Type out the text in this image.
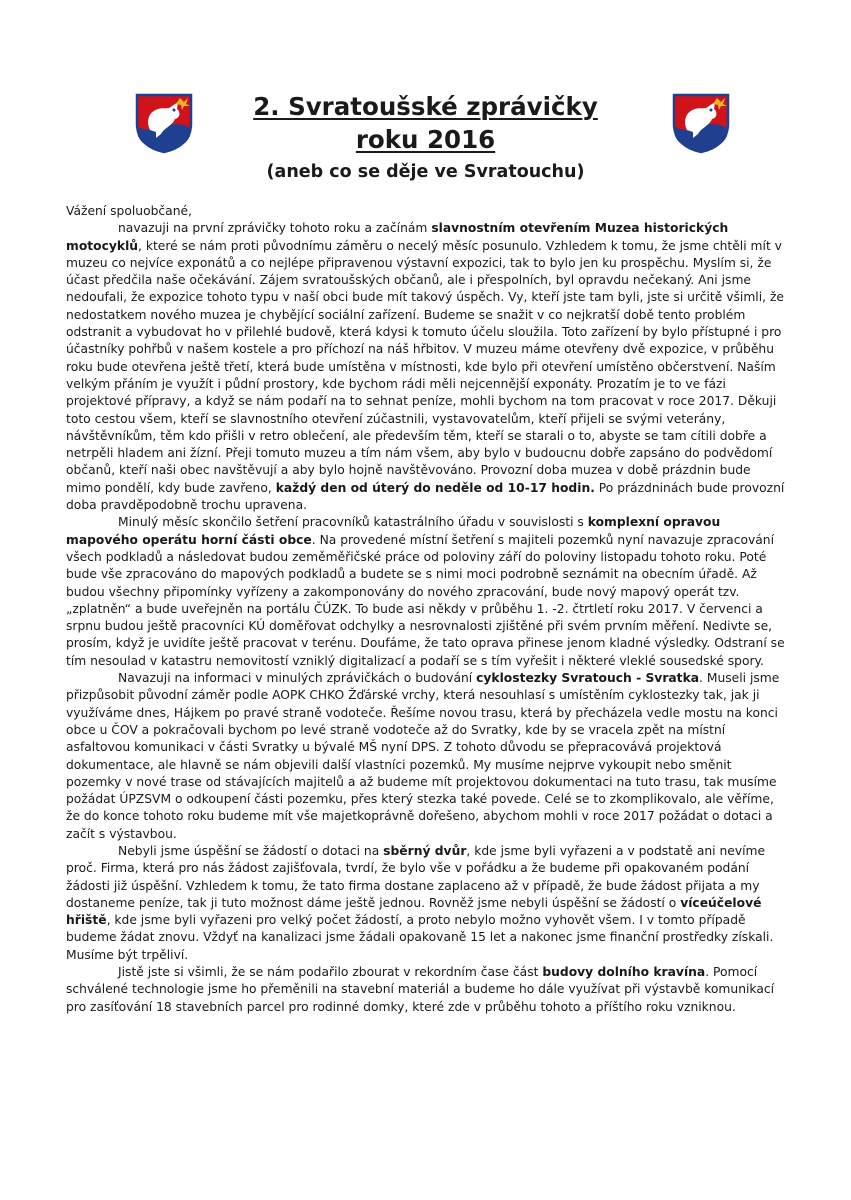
2. Svratoušské zprávičky
roku 2016
(aneb co se děje ve Svratouchu)

Vážení spoluobčané,

navazuji na první zprávičky tohoto roku a začínám slavnostním otevřením Muzea historických motocyklů, které se nám proti původnímu záměru o necelý měsíc posunulo. Vzhledem k tomu, že jsme chtěli mít v muzeu co nejvíce exponátů a co nejlépe připravenou výstavní expozici, tak to bylo jen ku prospěchu. Myslím si, že účast předčila naše očekávání. Zájem svratoušských občanů, ale i přespolních, byl opravdu nečekaný. Ani jsme nedoufali, že expozice tohoto typu v naší obci bude mít takový úspěch. Vy, kteří jste tam byli, jste si určitě všimli, že nedostatkem nového muzea je chybějící sociální zařízení. Budeme se snažit v co nejkratší době tento problém odstranit a vybudovat ho v přilehlé budově, která kdysi k tomuto účelu sloužila. Toto zařízení by bylo přístupné i pro účastníky pohřbů v našem kostele a pro příchozí na náš hřbitov. V muzeu máme otevřeny dvě expozice, v průběhu roku bude otevřena ještě třetí, která bude umístěna v místnosti, kde bylo při otevření umístěno občerstvení. Naším velkým přáním je využít i půdní prostory, kde bychom rádi měli nejcennější exponáty. Prozatím je to ve fázi projektové přípravy, a když se nám podaří na to sehnat peníze, mohli bychom na tom pracovat v roce 2017. Děkuji toto cestou všem, kteří se slavnostního otevření zúčastnili, vystavovatelům, kteří přijeli se svými veterány, návštěvníkům, těm kdo přišli v retro oblečení, ale především těm, kteří se starali o to, abyste se tam cítili dobře a netrpěli hladem ani žízní. Přeji tomuto muzeu a tím nám všem, aby bylo v budoucnu dobře zapsáno do podvědomí občanů, kteří naši obec navštěvují a aby bylo hojně navštěvováno. Provozní doba muzea v době prázdnin bude mimo pondělí, kdy bude zavřeno, každý den od úterý do neděle od 10-17 hodin. Po prázdninách bude provozní doba pravděpodobně trochu upravena.

Minulý měsíc skončilo šetření pracovníků katastrálního úřadu v souvislosti s komplexní opravou mapového operátu horní části obce. Na provedené místní šetření s majiteli pozemků nyní navazuje zpracování všech podkladů a následovat budou zeměměřičské práce od poloviny září do poloviny listopadu tohoto roku. Poté bude vše zpracováno do mapových podkladů a budete se s nimi moci podrobně seznámit na obecním úřadě. Až budou všechny připomínky vyřízeny a zakomponovány do nového zpracování, bude nový mapový operát tzv. „zplatněn“ a bude uveřejněn na portálu ČÚZK. To bude asi někdy v průběhu 1. -2. čtrtletí roku 2017. V červenci a srpnu budou ještě pracovníci KÚ doměřovat odchylky a nesrovnalosti zjištěné při svém prvním měření. Nedivte se, prosím, když je uvidíte ještě pracovat v terénu. Doufáme, že tato oprava přinese jenom kladné výsledky. Odstraní se tím nesoulad v katastru nemovitostí vzniklý digitalizací a podaří se s tím vyřešit i některé vleklé sousedské spory.

Navazuji na informaci v minulých zprávičkách o budování cyklostezky Svratouch - Svratka. Museli jsme přizpůsobit původní záměr podle AOPK CHKO Žďárské vrchy, která nesouhlasí s umístěním cyklostezky tak, jak ji využíváme dnes, Hájkem po pravé straně vodoteče. Řešíme novou trasu, která by přecházela vedle mostu na konci obce u ČOV a pokračovali bychom po levé straně vodoteče až do Svratky, kde by se vracela zpět na místní asfaltovou komunikaci v části Svratky u bývalé MŠ nyní DPS. Z tohoto důvodu se přepracovává projektová dokumentace, ale hlavně se nám objevili další vlastníci pozemků. My musíme nejprve vykoupit nebo směnit pozemky v nové trase od stávajících majitelů a až budeme mít projektovou dokumentaci na tuto trasu, tak musíme požádat ÚPZSVM o odkoupení části pozemku, přes který stezka také povede. Celé se to zkomplikovalo, ale věříme, že do konce tohoto roku budeme mít vše majetkoprávně dořešeno, abychom mohli v roce 2017 požádat o dotaci a začít s výstavbou.

Nebyli jsme úspěšní se žádostí o dotaci na sběrný dvůr, kde jsme byli vyřazeni a v podstatě ani nevíme proč. Firma, která pro nás žádost zajišťovala, tvrdí, že bylo vše v pořádku a že budeme při opakovaném podání žádosti již úspěšní. Vzhledem k tomu, že tato firma dostane zaplaceno až v případě, že bude žádost přijata a my dostaneme peníze, tak ji tuto možnost dáme ještě jednou. Rovněž jsme nebyli úspěšní se žádostí o víceúčelové hřiště, kde jsme byli vyřazeni pro velký počet žádostí, a proto nebylo možno vyhovět všem. I v tomto případě budeme žádat znovu. Vždyť na kanalizaci jsme žádali opakovaně 15 let a nakonec jsme finanční prostředky získali. Musíme být trpěliví.

Jistě jste si všimli, že se nám podařilo zbourat v rekordním čase část budovy dolního kravína. Pomocí schválené technologie jsme ho přeměnili na stavební materiál a budeme ho dále využívat při výstavbě komunikací pro zasíťování 18 stavebních parcel pro rodinné domky, které zde v průběhu tohoto a příštího roku vzniknou.
